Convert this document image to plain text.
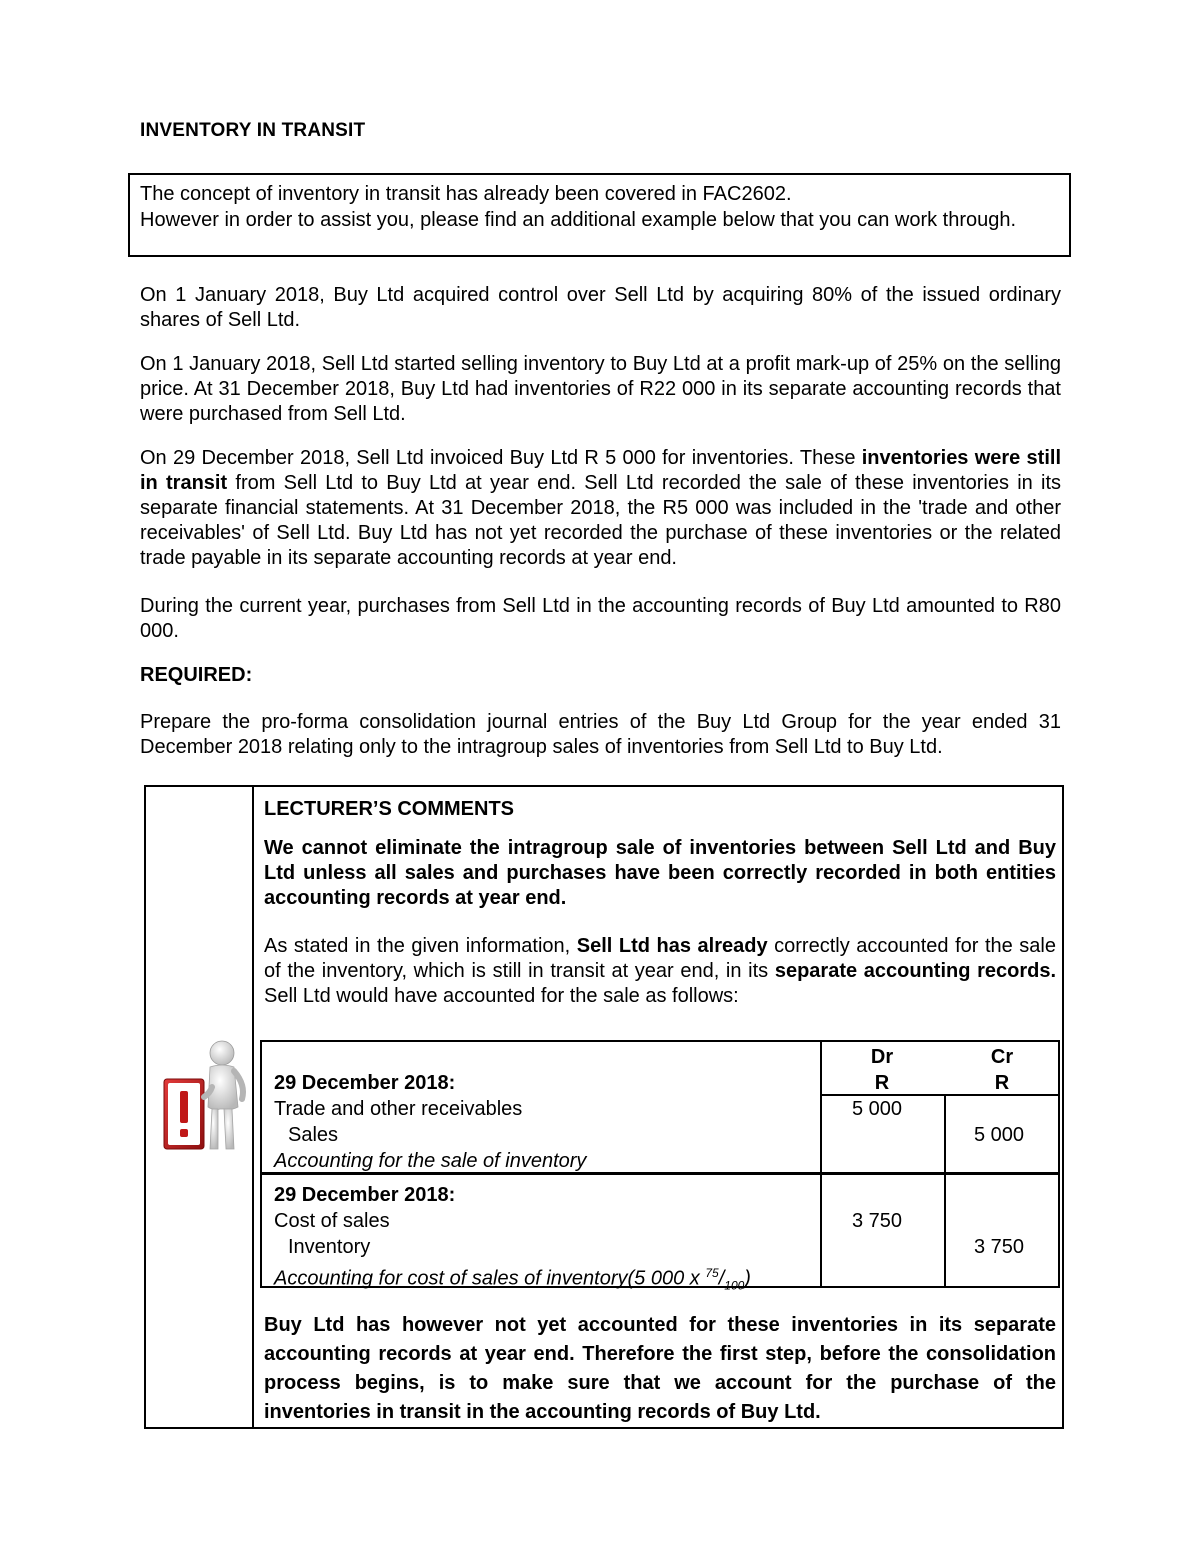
INVENTORY IN TRANSIT
The concept of inventory in transit has already been covered in FAC2602.
However in order to assist you, please find an additional example below that you can work through.
On 1 January 2018, Buy Ltd acquired control over Sell Ltd by acquiring 80% of the issued ordinary shares of Sell Ltd.
On 1 January 2018, Sell Ltd started selling inventory to Buy Ltd at a profit mark-up of 25% on the selling price. At 31 December 2018, Buy Ltd had inventories of R22 000 in its separate accounting records that were purchased from Sell Ltd.
On 29 December 2018, Sell Ltd invoiced Buy Ltd R 5 000 for inventories. These inventories were still in transit from Sell Ltd to Buy Ltd at year end. Sell Ltd recorded the sale of these inventories in its separate financial statements. At 31 December 2018, the R5 000 was included in the 'trade and other receivables' of Sell Ltd. Buy Ltd has not yet recorded the purchase of these inventories or the related trade payable in its separate accounting records at year end.
During the current year, purchases from Sell Ltd in the accounting records of Buy Ltd amounted to R80 000.
REQUIRED:
Prepare the pro-forma consolidation journal entries of the Buy Ltd Group for the year ended 31 December 2018 relating only to the intragroup sales of inventories from Sell Ltd to Buy Ltd.

LECTURER’S COMMENTS

We cannot eliminate the intragroup sale of inventories between Sell Ltd and Buy Ltd unless all sales and purchases have been correctly recorded in both entities accounting records at year end.

As stated in the given information, Sell Ltd has already correctly accounted for the sale of the inventory, which is still in transit at year end, in its separate accounting records. Sell Ltd would have accounted for the sale as follows:

Dr	Cr
R	R
29 December 2018:
Trade and other receivables
Sales
Accounting for the sale of inventory
5 000
5 000
29 December 2018:
Cost of sales
Inventory
Accounting for cost of sales of inventory(5 000 x $^{75}/_{100}$)
3 750
3 750
Buy Ltd has however not yet accounted for these inventories in its separate accounting records at year end. Therefore the first step, before the consolidation process begins, is to make sure that we account for the purchase of the inventories in transit in the accounting records of Buy Ltd.
